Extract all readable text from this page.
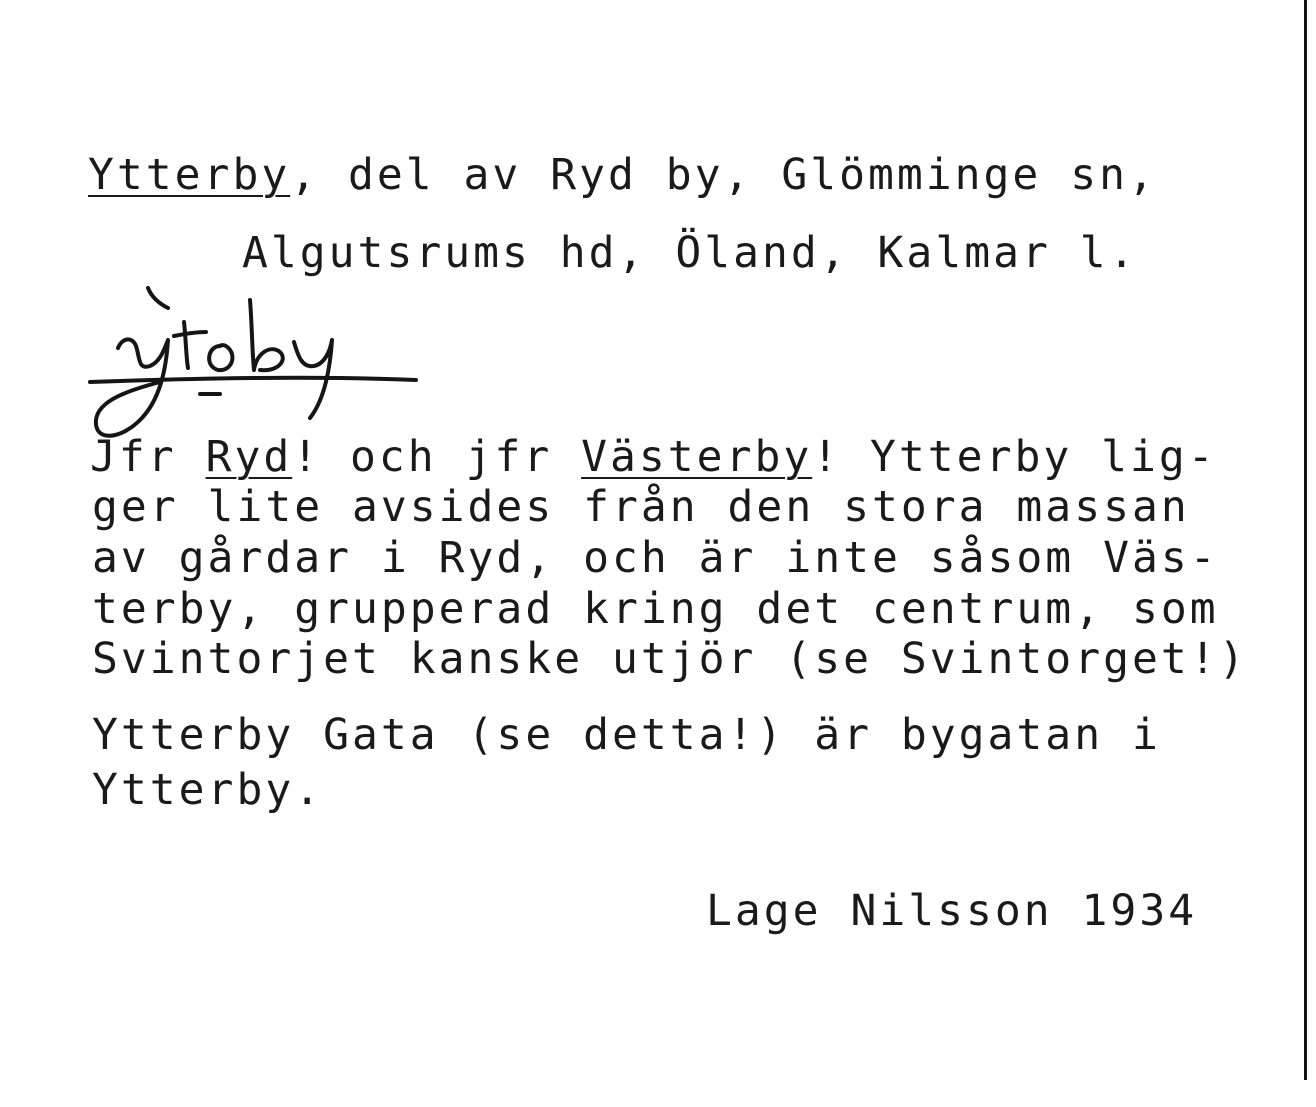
Ytterby, del av Ryd by, Glömminge sn,
Algutsrums hd, Öland, Kalmar l.
ytoby
Jfr Ryd! och jfr Västerby! Ytterby lig-
ger lite avsides från den stora massan
av gårdar i Ryd, och är inte såsom Väs-
terby, grupperad kring det centrum, som
Svintorjet kanske utjör (se Svintorget!)
Ytterby Gata (se detta!) är bygatan i
Ytterby.
Lage Nilsson 1934
